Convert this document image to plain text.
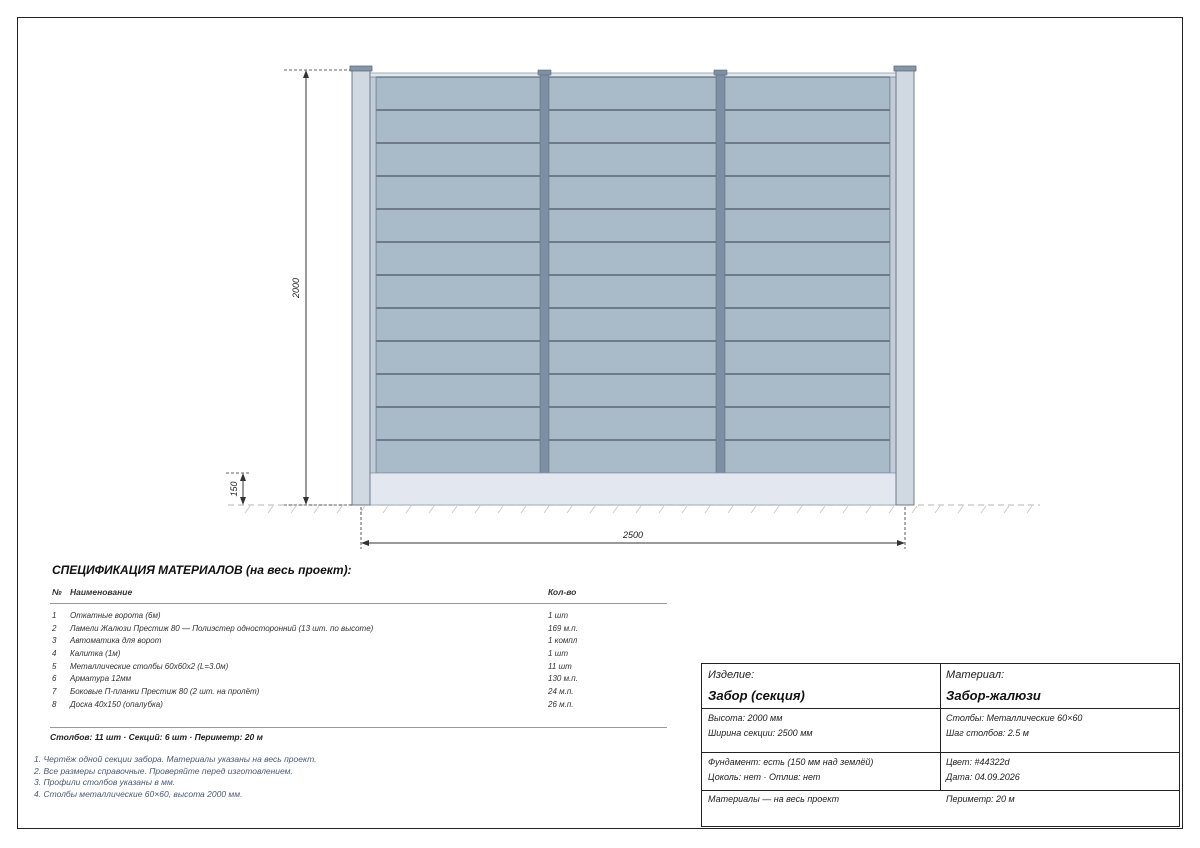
2000
150
2500
СПЕЦИФИКАЦИЯ МАТЕРИАЛОВ (на весь проект):
№ Наименование	Кол-во
1	Откатные ворота (6м)	1 шт
2	Ламели Жалюзи Престиж 80 — Полиэстер односторонний (13 шт. по высоте)	169 м.п.
3	Автоматика для ворот	1 компл
4	Калитка (1м)	1 шт
5	Металлические столбы 60х60х2 (L=3.0м)	11 шт
6	Арматура 12мм	130 м.п.
7	Боковые П-планки Престиж 80 (2 шт. на пролёт)	24 м.п.
8	Доска 40х150 (опалубка)	26 м.п.
Столбов: 11 шт · Секций: 6 шт · Периметр: 20 м
1. Чертёж одной секции забора. Материалы указаны на весь проект.
2. Все размеры справочные. Проверяйте перед изготовлением.
3. Профили столбов указаны в мм.
4. Столбы металлические 60×60, высота 2000 мм.
Изделие:
Забор (секция)
Материал:
Забор-жалюзи
Высота: 2000 мм
Ширина секции: 2500 мм
Столбы: Металлические 60×60
Шаг столбов: 2.5 м
Фундамент: есть (150 мм над землёй)
Цоколь: нет · Отлив: нет
Цвет: #44322d
Дата: 04.09.2026
Материалы — на весь проект	Периметр: 20 м
